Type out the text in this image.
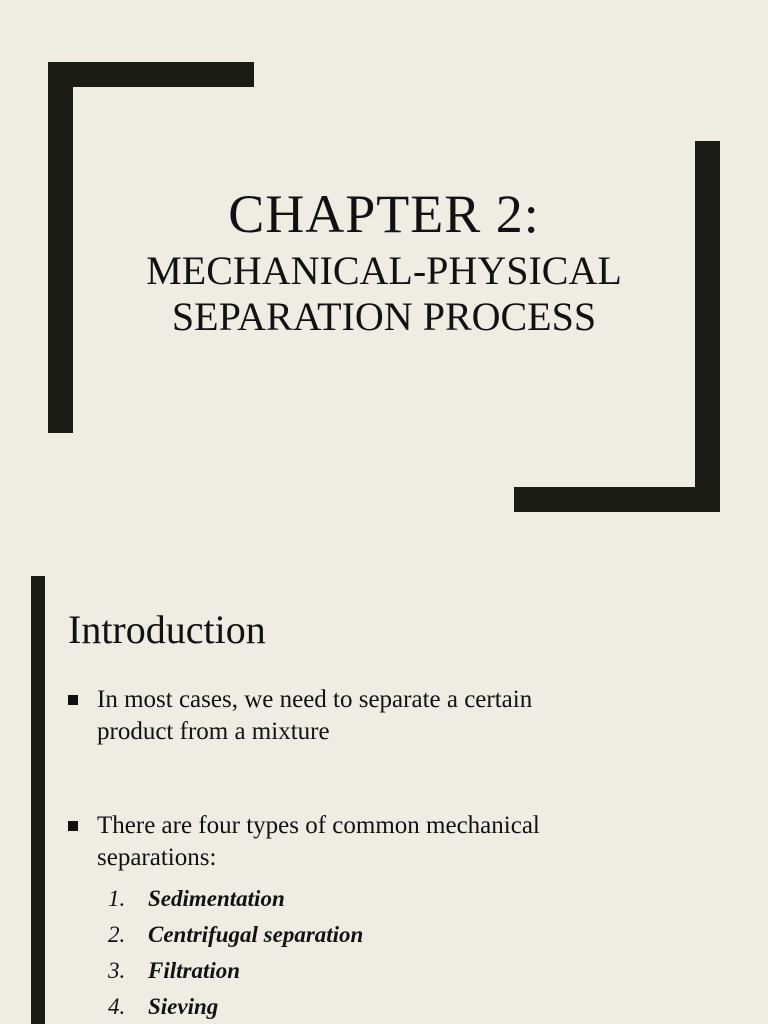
CHAPTER 2:
MECHANICAL-PHYSICAL
SEPARATION PROCESS
Introduction
In most cases, we need to separate a certain
product from a mixture
There are four types of common mechanical
separations:
1. Sedimentation
2. Centrifugal separation
3. Filtration
4. Sieving
